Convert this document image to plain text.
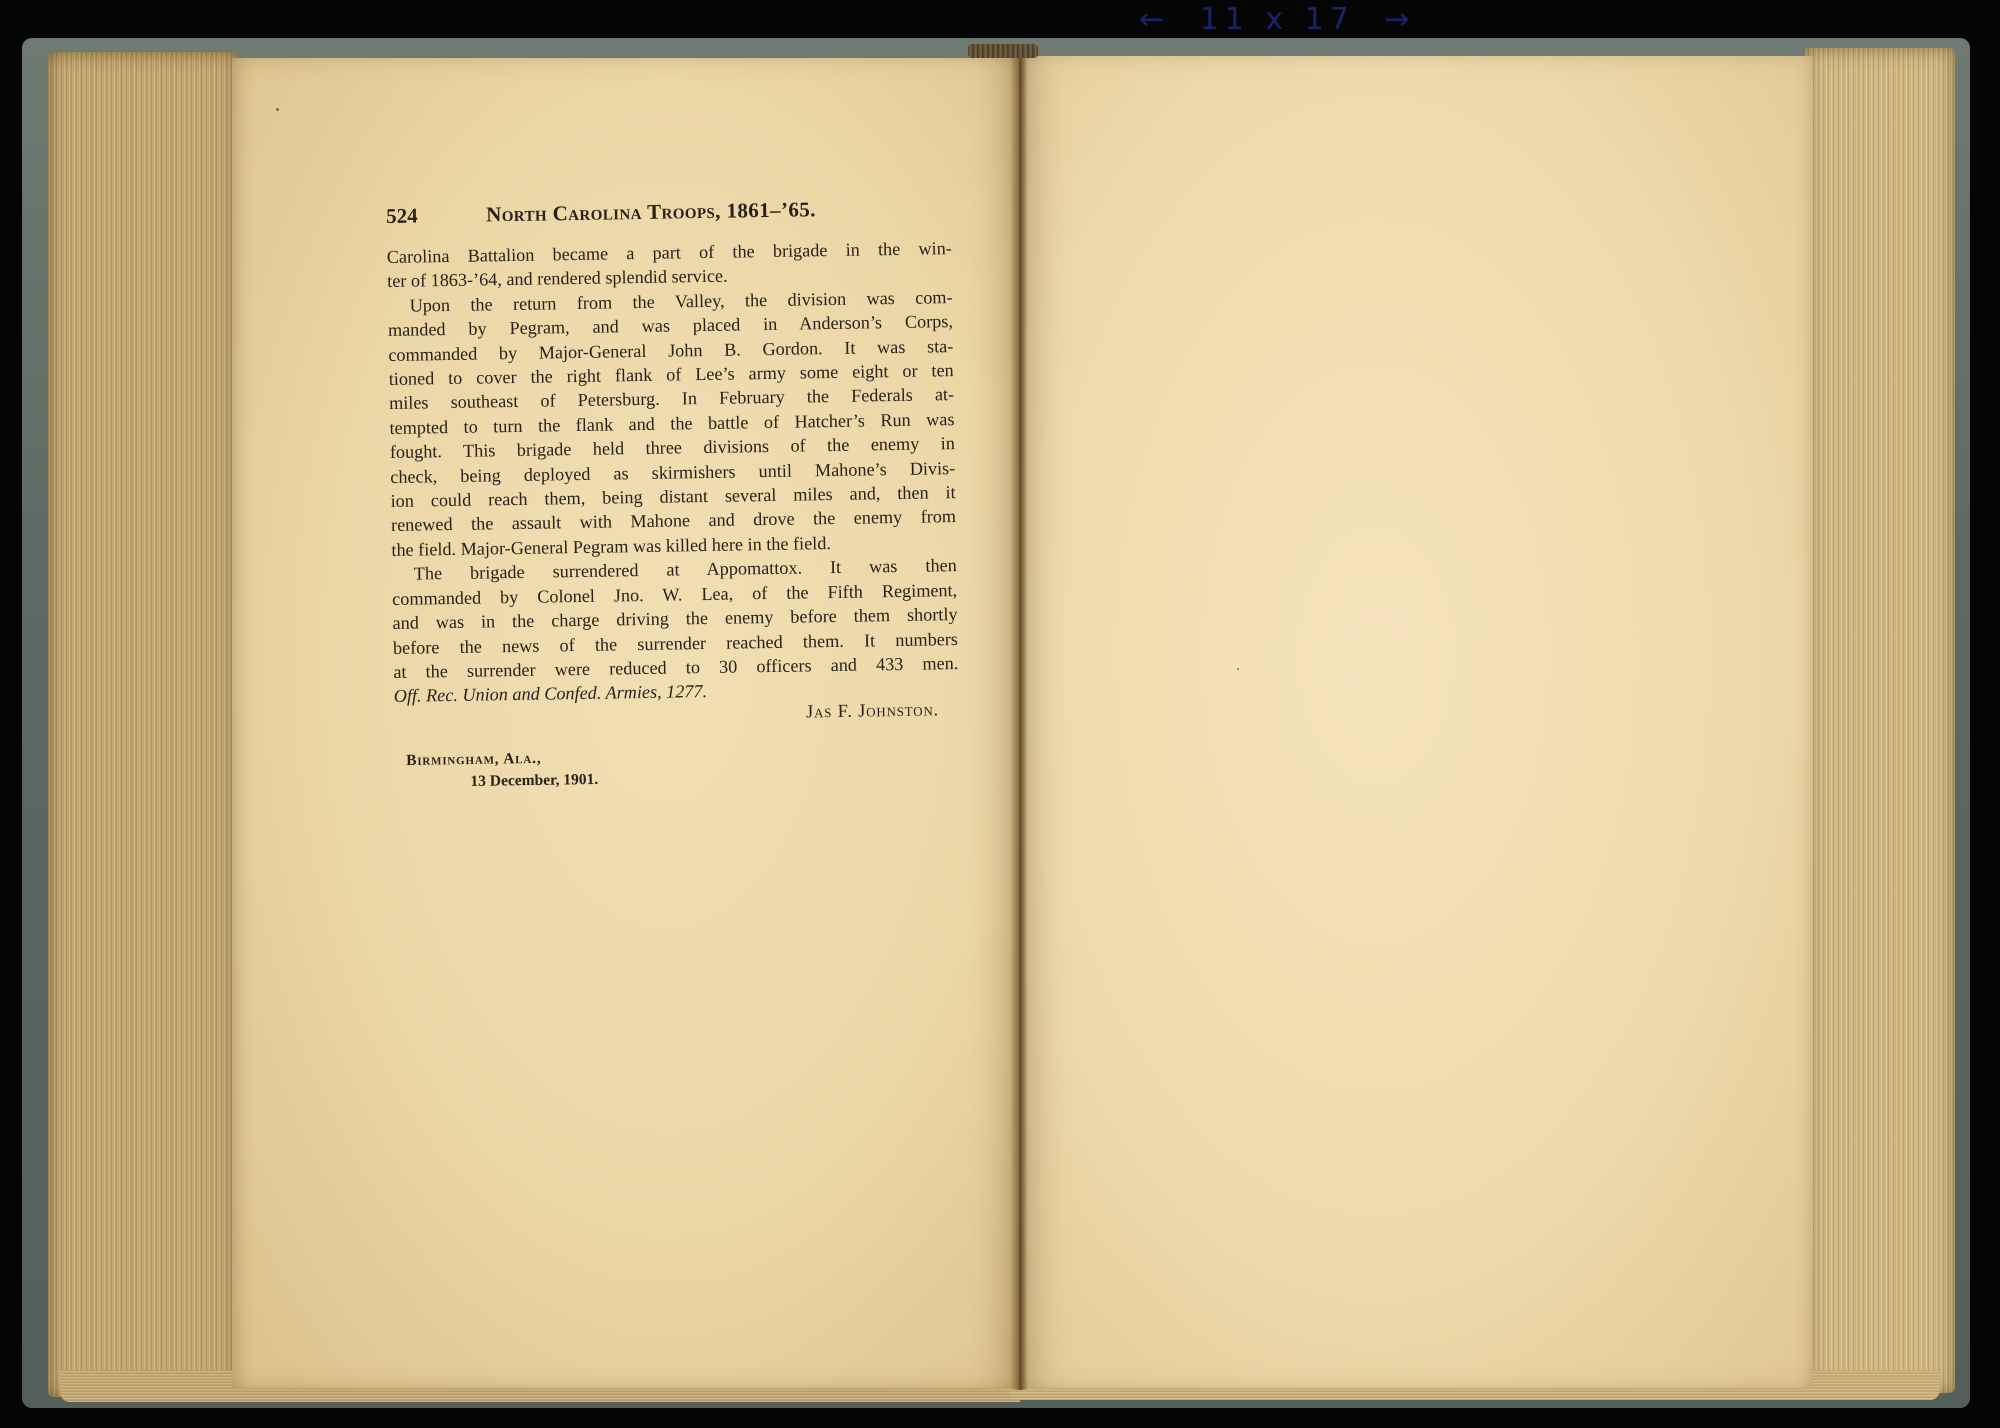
← 11 x 17 →
524	North Carolina Troops, 1861–’65.
Carolina Battalion became a part of the brigade in the win-
ter of 1863-’64, and rendered splendid service.
Upon the return from the Valley, the division was com-
manded by Pegram, and was placed in Anderson’s Corps,
commanded by Major-General John B. Gordon. It was sta-
tioned to cover the right flank of Lee’s army some eight or ten
miles southeast of Petersburg. In February the Federals at-
tempted to turn the flank and the battle of Hatcher’s Run was
fought. This brigade held three divisions of the enemy in
check, being deployed as skirmishers until Mahone’s Divis-
ion could reach them, being distant several miles and, then it
renewed the assault with Mahone and drove the enemy from
the field. Major-General Pegram was killed here in the field.
The brigade surrendered at Appomattox. It was then
commanded by Colonel Jno. W. Lea, of the Fifth Regiment,
and was in the charge driving the enemy before them shortly
before the news of the surrender reached them. It numbers
at the surrender were reduced to 30 officers and 433 men.
Off. Rec. Union and Confed. Armies, 1277.
Jas F. Johnston.
Birmingham, Ala.,
13 December, 1901.
